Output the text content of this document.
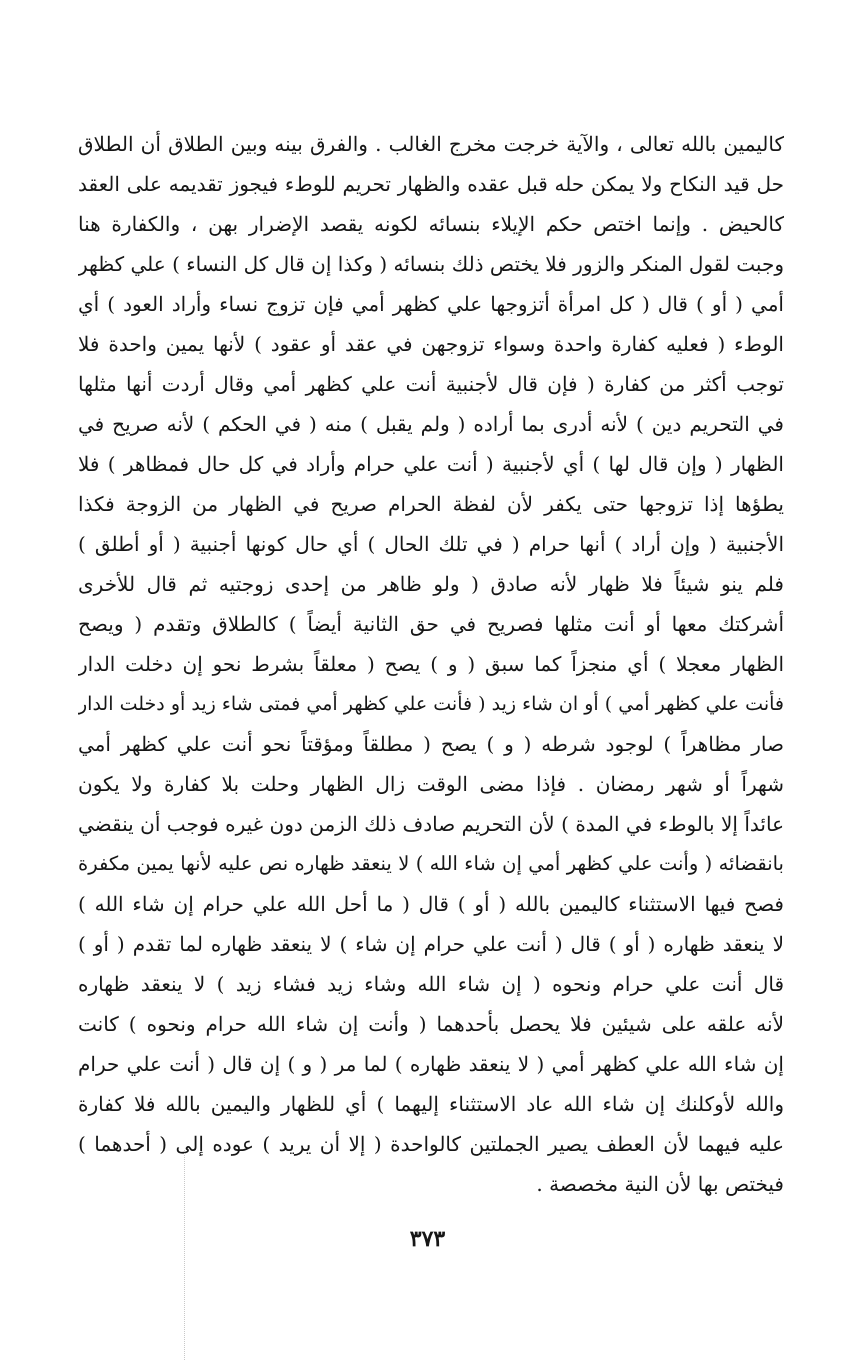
كاليمين بالله تعالى ، والآية خرجت مخرج الغالب . والفرق بينه وبين الطلاق أن الطلاق
حل قيد النكاح ولا يمكن حله قبل عقده والظهار تحريم للوطء فيجوز تقديمه على العقد
كالحيض . وإنما اختص حكم الإيلاء بنسائه لكونه يقصد الإضرار بهن ، والكفارة هنا
وجبت لقول المنكر والزور فلا يختص ذلك بنسائه ( وكذا إن قال كل النساء ) علي كظهر
أمي ( أو ) قال ( كل امرأة أتزوجها علي كظهر أمي فإن تزوج نساء وأراد العود ) أي
الوطء ( فعليه كفارة واحدة وسواء تزوجهن في عقد أو عقود ) لأنها يمين واحدة فلا
توجب أكثر من كفارة ( فإن قال لأجنبية أنت علي كظهر أمي وقال أردت أنها مثلها
في التحريم دين ) لأنه أدرى بما أراده ( ولم يقبل ) منه ( في الحكم ) لأنه صريح في
الظهار ( وإن قال لها ) أي لأجنبية ( أنت علي حرام وأراد في كل حال فمظاهر ) فلا
يطؤها إذا تزوجها حتى يكفر لأن لفظة الحرام صريح في الظهار من الزوجة فكذا
الأجنبية ( وإن أراد ) أنها حرام ( في تلك الحال ) أي حال كونها أجنبية ( أو أطلق )
فلم ينو شيئاً فلا ظهار لأنه صادق ( ولو ظاهر من إحدى زوجتيه ثم قال للأخرى
أشركتك معها أو أنت مثلها فصريح في حق الثانية أيضاً ) كالطلاق وتقدم ( ويصح
الظهار معجلا ) أي منجزاً كما سبق ( و ) يصح ( معلقاً بشرط نحو إن دخلت الدار
فأنت علي كظهر أمي ) أو ان شاء زيد ( فأنت علي كظهر أمي فمتى شاء زيد أو دخلت الدار
صار مظاهراً ) لوجود شرطه ( و ) يصح ( مطلقاً ومؤقتاً نحو أنت علي كظهر أمي
شهراً أو شهر رمضان . فإذا مضى الوقت زال الظهار وحلت بلا كفارة ولا يكون
عائداً إلا بالوطء في المدة ) لأن التحريم صادف ذلك الزمن دون غيره فوجب أن ينقضي
بانقضائه ( وأنت علي كظهر أمي إن شاء الله ) لا ينعقد ظهاره نص عليه لأنها يمين مكفرة
فصح فيها الاستثناء كاليمين بالله ( أو ) قال ( ما أحل الله علي حرام إن شاء الله )
لا ينعقد ظهاره ( أو ) قال ( أنت علي حرام إن شاء ) لا ينعقد ظهاره لما تقدم ( أو )
قال أنت علي حرام ونحوه ( إن شاء الله وشاء زيد فشاء زيد ) لا ينعقد ظهاره
لأنه علقه على شيئين فلا يحصل بأحدهما ( وأنت إن شاء الله حرام ونحوه ) كانت
إن شاء الله علي كظهر أمي ( لا ينعقد ظهاره ) لما مر ( و ) إن قال ( أنت علي حرام
والله لأوكلنك إن شاء الله عاد الاستثناء إليهما ) أي للظهار واليمين بالله فلا كفارة
عليه فيهما لأن العطف يصير الجملتين كالواحدة ( إلا أن يريد ) عوده إلى ( أحدهما )
فيختص بها لأن النية مخصصة .
٣٧٣
